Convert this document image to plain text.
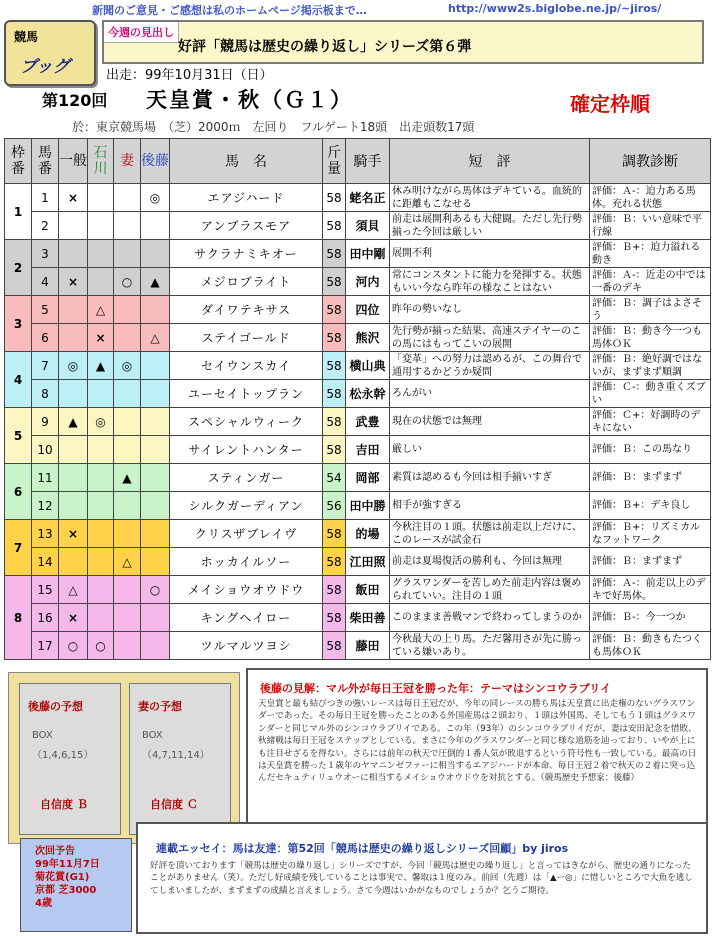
新聞のご意見・ご感想は私のホームページ掲示板まで…	http://www2s.biglobe.ne.jp/~jiros/
競馬
ブッグ
今週の見出し
好評「競馬は歴史の繰り返し」シリーズ第６弾
出走：99年10月31日（日）
第120回 天皇賞・秋（Ｇ１）	確定枠順
於：東京競馬場　（芝）2000ｍ　左回り　フルゲート18頭　出走頭数17頭
枠番	馬番	一般	石川	妻	後藤	馬　名	斤量	騎手	短　評	調教診断
1	1	×			◎	エアジハード	58	蛯名正	休み明けながら馬体はデキている。血統的に距離もこなせる	評価：Ａ-：迫力ある馬体。充れる状態
	2					アンブラスモア	58	須貝	前走は展開利あるも大健闘。ただし先行勢揃った今回は厳しい	評価：Ｂ：いい意味で平行線
2	3					サクラナミキオー	58	田中剛	展開不利	評価：Ｂ+：迫力溢れる動き
	4	×		○	▲	メジロブライト	58	河内	常にコンスタントに能力を発揮する。状態もいい今なら昨年の様なことはない	評価：Ａ-：近走の中では一番のデキ
3	5		△			ダイワテキサス	58	四位	昨年の勢いなし	評価：Ｂ：調子はよさそう
	6		×		△	ステイゴールド	58	熊沢	先行勢が揃った結果、高速ステイヤーのこの馬にはもってこいの展開	評価：Ｂ：動き今一つも馬体ＯＫ
4	7	◎	▲	◎		セイウンスカイ	58	横山典	「変革」への努力は認めるが、この舞台で通用するかどうか疑問	評価：Ｂ：絶好調ではないが、まずまず順調
	8					ユーセイトップラン	58	松永幹	ろんがい	評価：Ｃ-：動き重くズブい
5	9	▲	◎			スペシャルウィーク	58	武豊	現在の状態では無理	評価：Ｃ+：好調時のデキにない
	10					サイレントハンター	58	吉田	厳しい	評価：Ｂ：この馬なり
6	11			▲		スティンガー	54	岡部	素質は認めるも今回は相手揃いすぎ	評価：Ｂ：まずまず
	12					シルクガーディアン	56	田中勝	相手が強すぎる	評価：Ｂ+：デキ良し
7	13	×				クリスザブレイヴ	58	的場	今秋注目の１頭。状態は前走以上だけに、このレースが試金石	評価：Ｂ+：リズミカルなフットワーク
	14			△		ホッカイルソー	58	江田照	前走は夏場復活の勝利も、今回は無理	評価：Ｂ：まずまず
8	15	△			○	メイショウオウドウ	58	飯田	グラスワンダーを苦しめた前走内容は褒められていい。注目の１頭	評価：Ａ-：前走以上のデキで好馬体。
	16	×				キングヘイロー	58	柴田善	このままま善戦マンで終わってしまうのか	評価：Ｂ-：今一つか
	17	○	○			ツルマルツヨシ	58	藤田	今秋最大の上り馬。ただ馨用さが先に勝っている嫌いあり。	評価：Ｂ：動きもたつくも馬体ＯＫ
後藤の予想
BOX
（1,4,6,15）
自信度 Ｂ
妻の予想
BOX
（4,7,11,14）
自信度 Ｃ
後藤の見解：マル外が毎日王冠を勝った年：テーマはシンコウラブリイ
天皇賞と最も結びつきの強いレースは毎日王冠だが、今年の同レースの勝ち馬は天皇賞に出走権のないグラスワンダーであった。その毎日王冠を勝ったことのある外国産馬は２頭おり、１頭は外国馬、そしてもう１頭はグラスワンダーと同じマル外のシンコウラブリイである。この年（93年）のシンコウラブリイだが、妻は安田記念を惜敗、秋緒戦は毎日王冠をステップとしている。まさに今年のグラスワンダーと同じ様な道筋を辿っており、いやが上にも注目せざるを得ない。さらには前年の秋天で圧倒的１番人気が敗退するという符号性も一致している。最高の日は天皇賞を勝った１歳年のヤマニンゼファーに相当するエアジハードが本命、毎日王冠２着で秋天の２着に突っ込んだセキュティリュウオーに相当するメイショウオウドウを対抗とする。（競馬歴史予想家：後藤）
次回予告
99年11月7日
菊花賞(G1)
京都 芝3000
4歳
連載エッセイ：馬は友達：第52回「競馬は歴史の繰り返しシリーズ回顧」by jiros
好評を頂いております「競馬は歴史の繰り返し」シリーズですが、今回「競馬は歴史の繰り返し」と言ってはきながら、歴史の通りになったことがありません（笑）。ただし好成績を残していることは事実で、馨取は１度のみ。前回（先週）は「▲ー◎」に惜しいところで大魚を逃してしまいましたが、まずまずの成績と言えましょう。さて今週はいかがなものでしょうか？乞うご期待。
